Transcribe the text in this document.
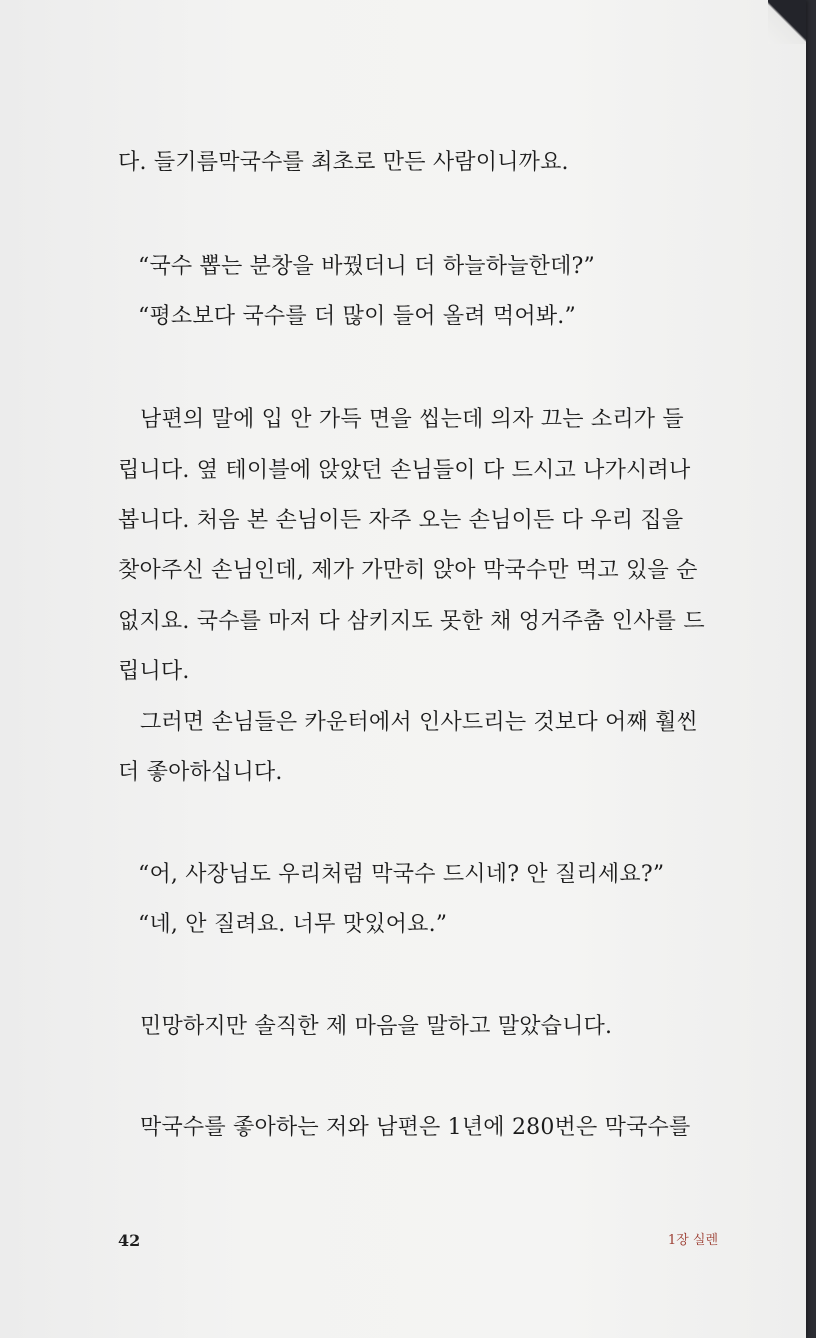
다. 들기름막국수를 최초로 만든 사람이니까요.
“국수 뽑는 분창을 바꿨더니 더 하늘하늘한데?”
“평소보다 국수를 더 많이 들어 올려 먹어봐.”
남편의 말에 입 안 가득 면을 씹는데 의자 끄는 소리가 들
립니다. 옆 테이블에 앉았던 손님들이 다 드시고 나가시려나
봅니다. 처음 본 손님이든 자주 오는 손님이든 다 우리 집을
찾아주신 손님인데, 제가 가만히 앉아 막국수만 먹고 있을 순
없지요. 국수를 마저 다 삼키지도 못한 채 엉거주춤 인사를 드
립니다.
그러면 손님들은 카운터에서 인사드리는 것보다 어째 훨씬
더 좋아하십니다.
“어, 사장님도 우리처럼 막국수 드시네? 안 질리세요?”
“네, 안 질려요. 너무 맛있어요.”
민망하지만 솔직한 제 마음을 말하고 말았습니다.
막국수를 좋아하는 저와 남편은 1년에 280번은 막국수를
42	1장 실렌
